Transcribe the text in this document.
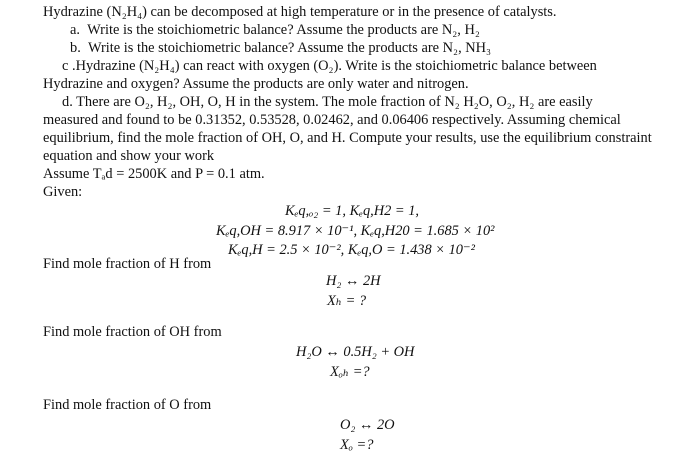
Hydrazine (N₂H₄) can be decomposed at high temperature or in the presence of catalysts.
a.  Write is the stoichiometric balance? Assume the products are N₂, H₂
b.  Write is the stoichiometric balance? Assume the products are N₂, NH₃
c .Hydrazine (N₂H₄) can react with oxygen (O₂). Write is the stoichiometric balance between
Hydrazine and oxygen? Assume the products are only water and nitrogen.
d. There are O₂, H₂, OH, O, H in the system. The mole fraction of N₂ H₂O, O₂, H₂ are easily
measured and found to be 0.31352, 0.53528, 0.02462, and 0.06406 respectively. Assuming chemical
equilibrium, find the mole fraction of OH, O, and H. Compute your results, use the equilibrium constraint
equation and show your work
Assume Tₐd = 2500K and P = 0.1 atm.
Given:
Kₑq,ₒ₂ = 1, Kₑq,H2 = 1,
Kₑq,OH = 8.917 × 10⁻¹, Kₑq,H20 = 1.685 × 10²
Kₑq,H = 2.5 × 10⁻², Kₑq,O = 1.438 × 10⁻²
Find mole fraction of H from
H₂ ↔ 2H
Xₕ = ?
Find mole fraction of OH from
H₂O ↔ 0.5H₂ + OH
Xₒₕ =?
Find mole fraction of O from
O₂ ↔ 2O
Xₒ =?
